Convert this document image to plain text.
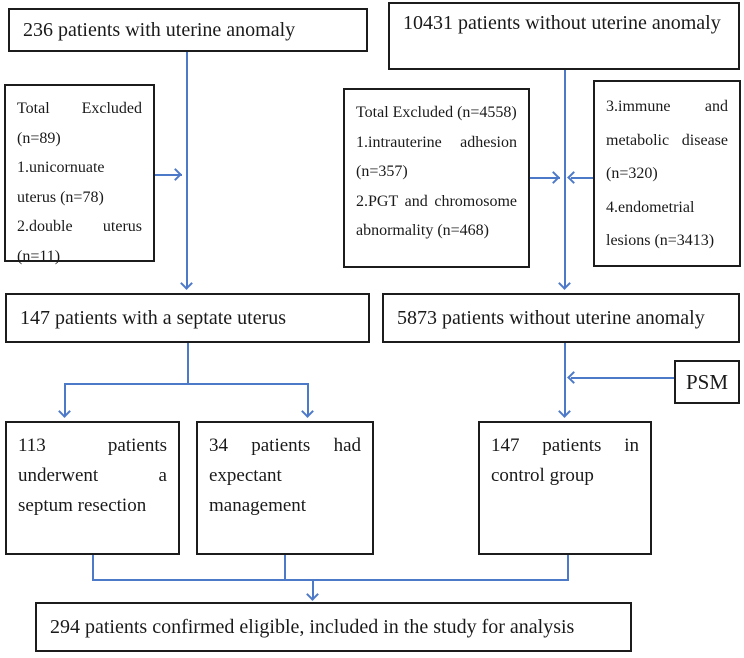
236 patients with uterine anomaly	10431 patients without uterine anomaly

Total Excluded (n=89)

1.unicornuate uterus (n=78)

2.double uterus (n=11)

Total Excluded (n=4558)

1.intrauterine adhesion (n=357)

2.PGT and chromosome abnormality (n=468)

3.immune and metabolic disease (n=320)

4.endometrial lesions (n=3413)

147 patients with a septate uterus	5873 patients without uterine anomaly
PSM

113 patients underwent a septum resection

34 patients had expectant management

147 patients in control group

294 patients confirmed eligible, included in the study for analysis
